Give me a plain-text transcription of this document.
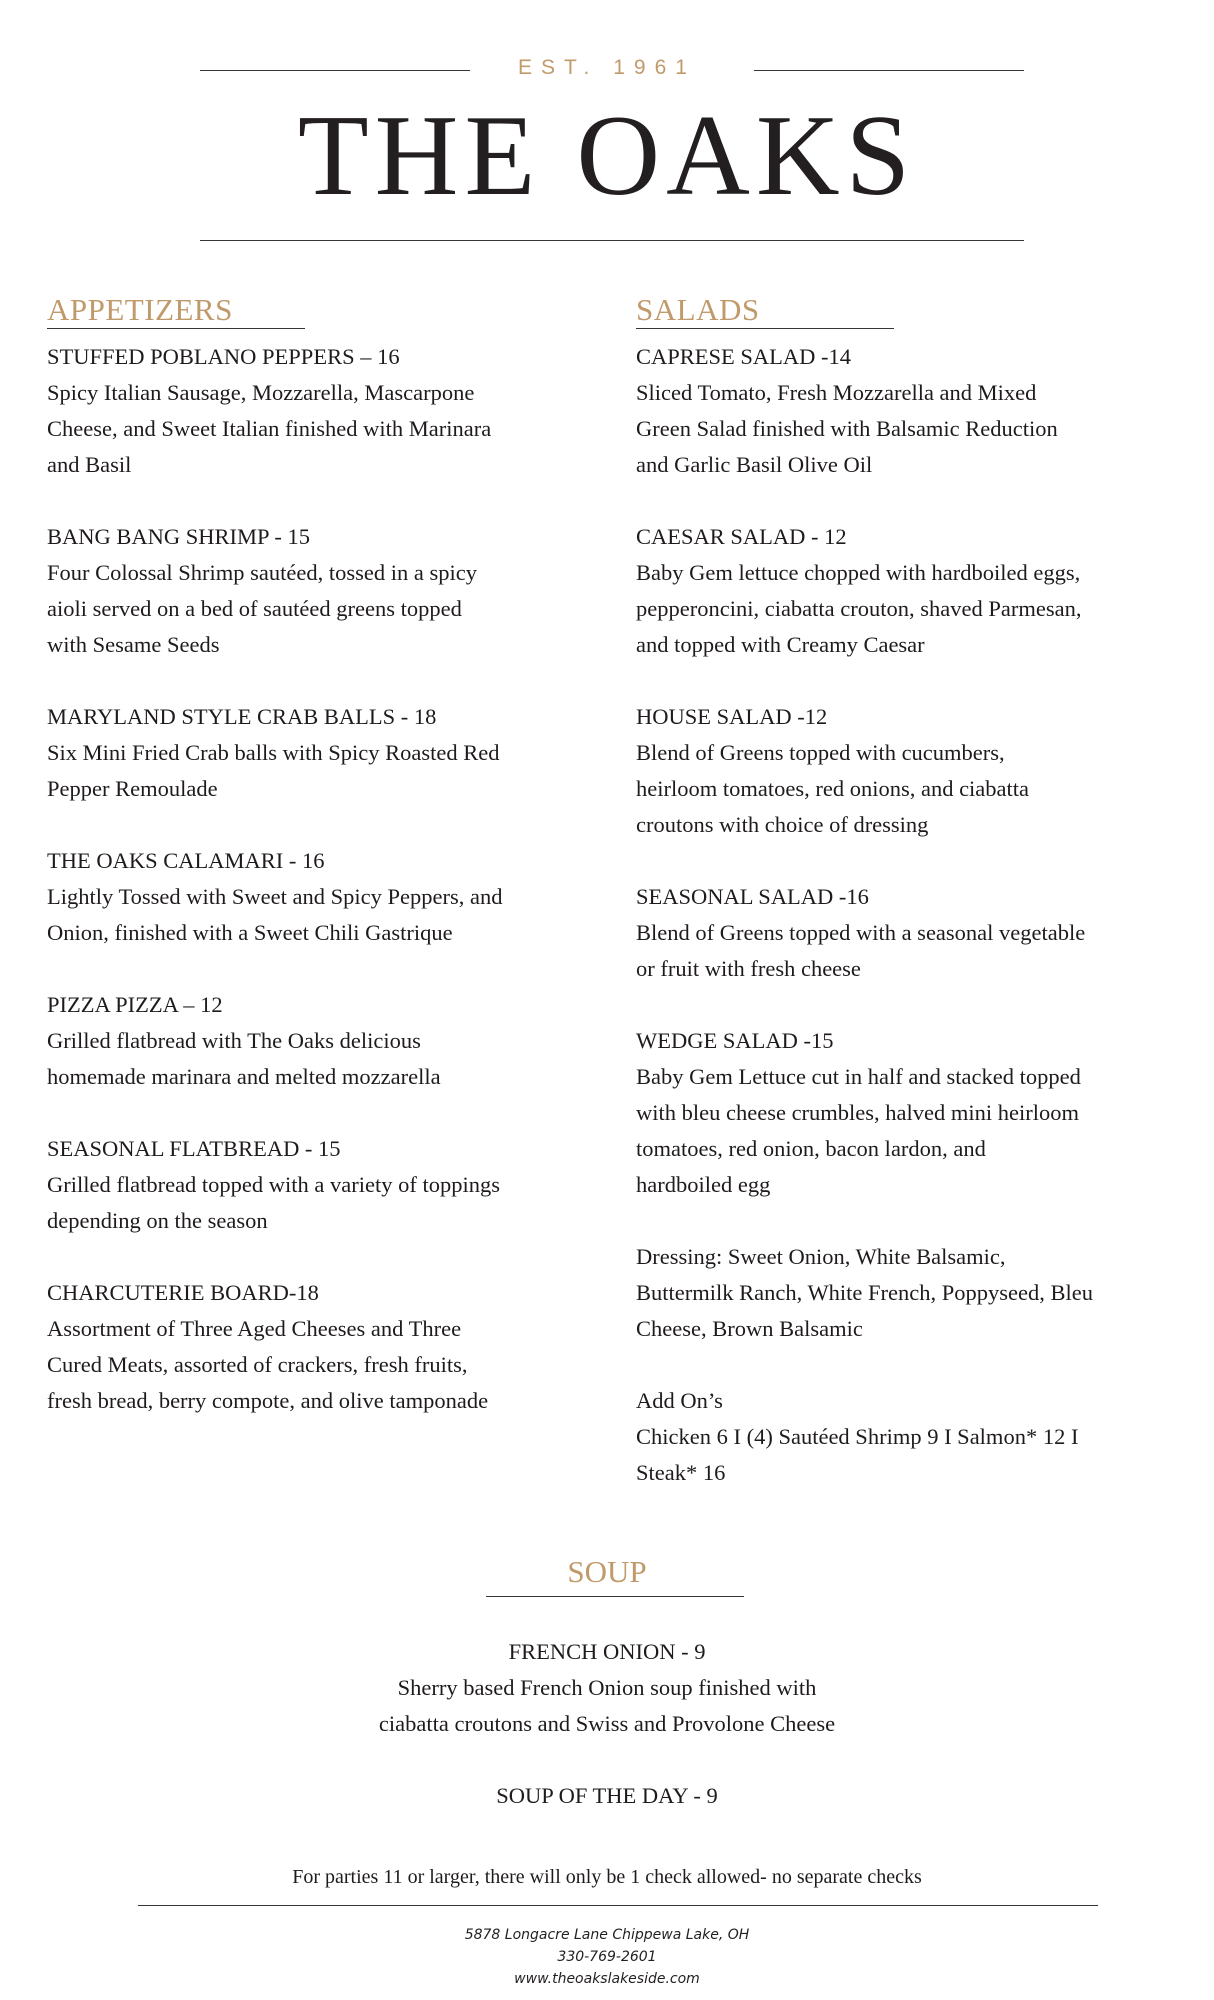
EST. 1961
THE OAKS
APPETIZERS
STUFFED POBLANO PEPPERS – 16
Spicy Italian Sausage, Mozzarella, Mascarpone
Cheese, and Sweet Italian finished with Marinara
and Basil
BANG BANG SHRIMP - 15
Four Colossal Shrimp sautéed, tossed in a spicy
aioli served on a bed of sautéed greens topped
with Sesame Seeds
MARYLAND STYLE CRAB BALLS - 18
Six Mini Fried Crab balls with Spicy Roasted Red
Pepper Remoulade
THE OAKS CALAMARI - 16
Lightly Tossed with Sweet and Spicy Peppers, and
Onion, finished with a Sweet Chili Gastrique
PIZZA PIZZA – 12
Grilled flatbread with The Oaks delicious
homemade marinara and melted mozzarella
SEASONAL FLATBREAD - 15
Grilled flatbread topped with a variety of toppings
depending on the season
CHARCUTERIE BOARD-18
Assortment of Three Aged Cheeses and Three
Cured Meats, assorted of crackers, fresh fruits,
fresh bread, berry compote, and olive tamponade
SALADS
CAPRESE SALAD -14
Sliced Tomato, Fresh Mozzarella and Mixed
Green Salad finished with Balsamic Reduction
and Garlic Basil Olive Oil
CAESAR SALAD - 12
Baby Gem lettuce chopped with hardboiled eggs,
pepperoncini, ciabatta crouton, shaved Parmesan,
and topped with Creamy Caesar
HOUSE SALAD -12
Blend of Greens topped with cucumbers,
heirloom tomatoes, red onions, and ciabatta
croutons with choice of dressing
SEASONAL SALAD -16
Blend of Greens topped with a seasonal vegetable
or fruit with fresh cheese
WEDGE SALAD -15
Baby Gem Lettuce cut in half and stacked topped
with bleu cheese crumbles, halved mini heirloom
tomatoes, red onion, bacon lardon, and
hardboiled egg
Dressing: Sweet Onion, White Balsamic,
Buttermilk Ranch, White French, Poppyseed, Bleu
Cheese, Brown Balsamic
Add On’s
Chicken 6 I (4) Sautéed Shrimp 9 I Salmon* 12 I
Steak* 16
SOUP
FRENCH ONION - 9
Sherry based French Onion soup finished with
ciabatta croutons and Swiss and Provolone Cheese
SOUP OF THE DAY - 9
For parties 11 or larger, there will only be 1 check allowed- no separate checks
5878 Longacre Lane Chippewa Lake, OH
330-769-2601
www.theoakslakeside.com
